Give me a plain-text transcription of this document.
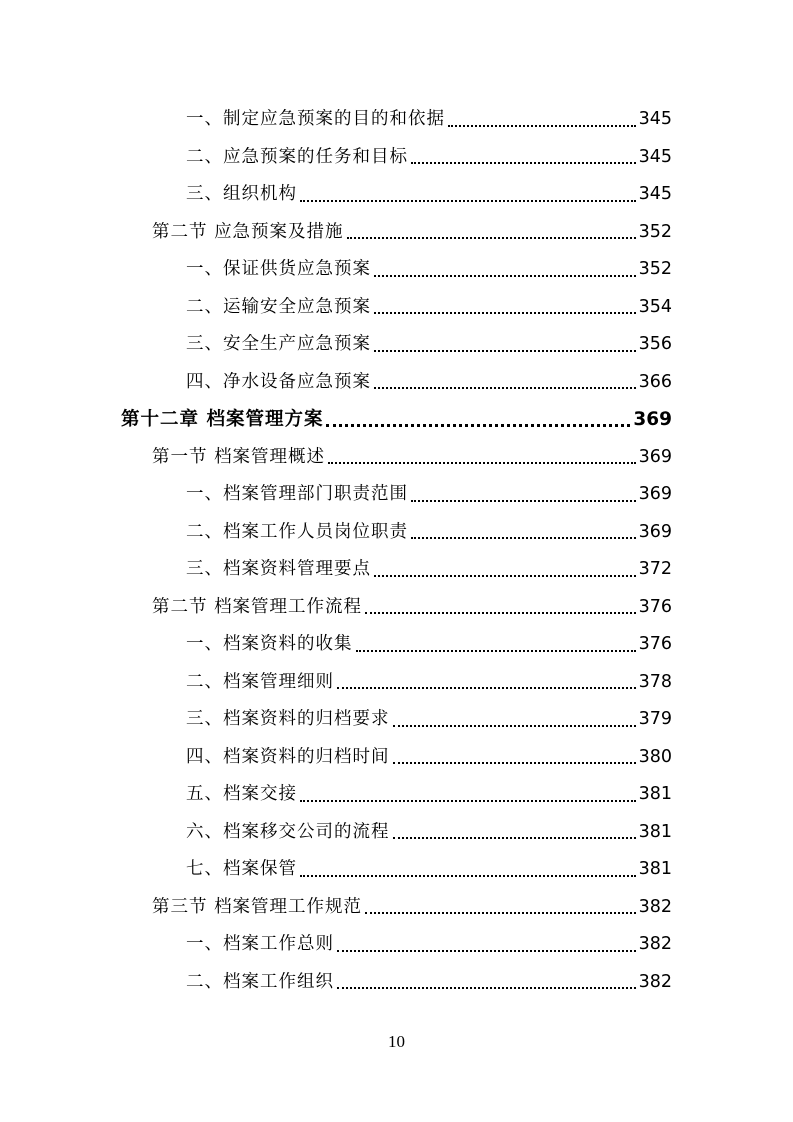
一、制定应急预案的目的和依据	345
二、应急预案的任务和目标	345
三、组织机构	345
第二节 应急预案及措施	352
一、保证供货应急预案	352
二、运输安全应急预案	354
三、安全生产应急预案	356
四、净水设备应急预案	366
第十二章 档案管理方案	369
第一节 档案管理概述	369
一、档案管理部门职责范围	369
二、档案工作人员岗位职责	369
三、档案资料管理要点	372
第二节 档案管理工作流程	376
一、档案资料的收集	376
二、档案管理细则	378
三、档案资料的归档要求	379
四、档案资料的归档时间	380
五、档案交接	381
六、档案移交公司的流程	381
七、档案保管	381
第三节 档案管理工作规范	382
一、档案工作总则	382
二、档案工作组织	382
10
